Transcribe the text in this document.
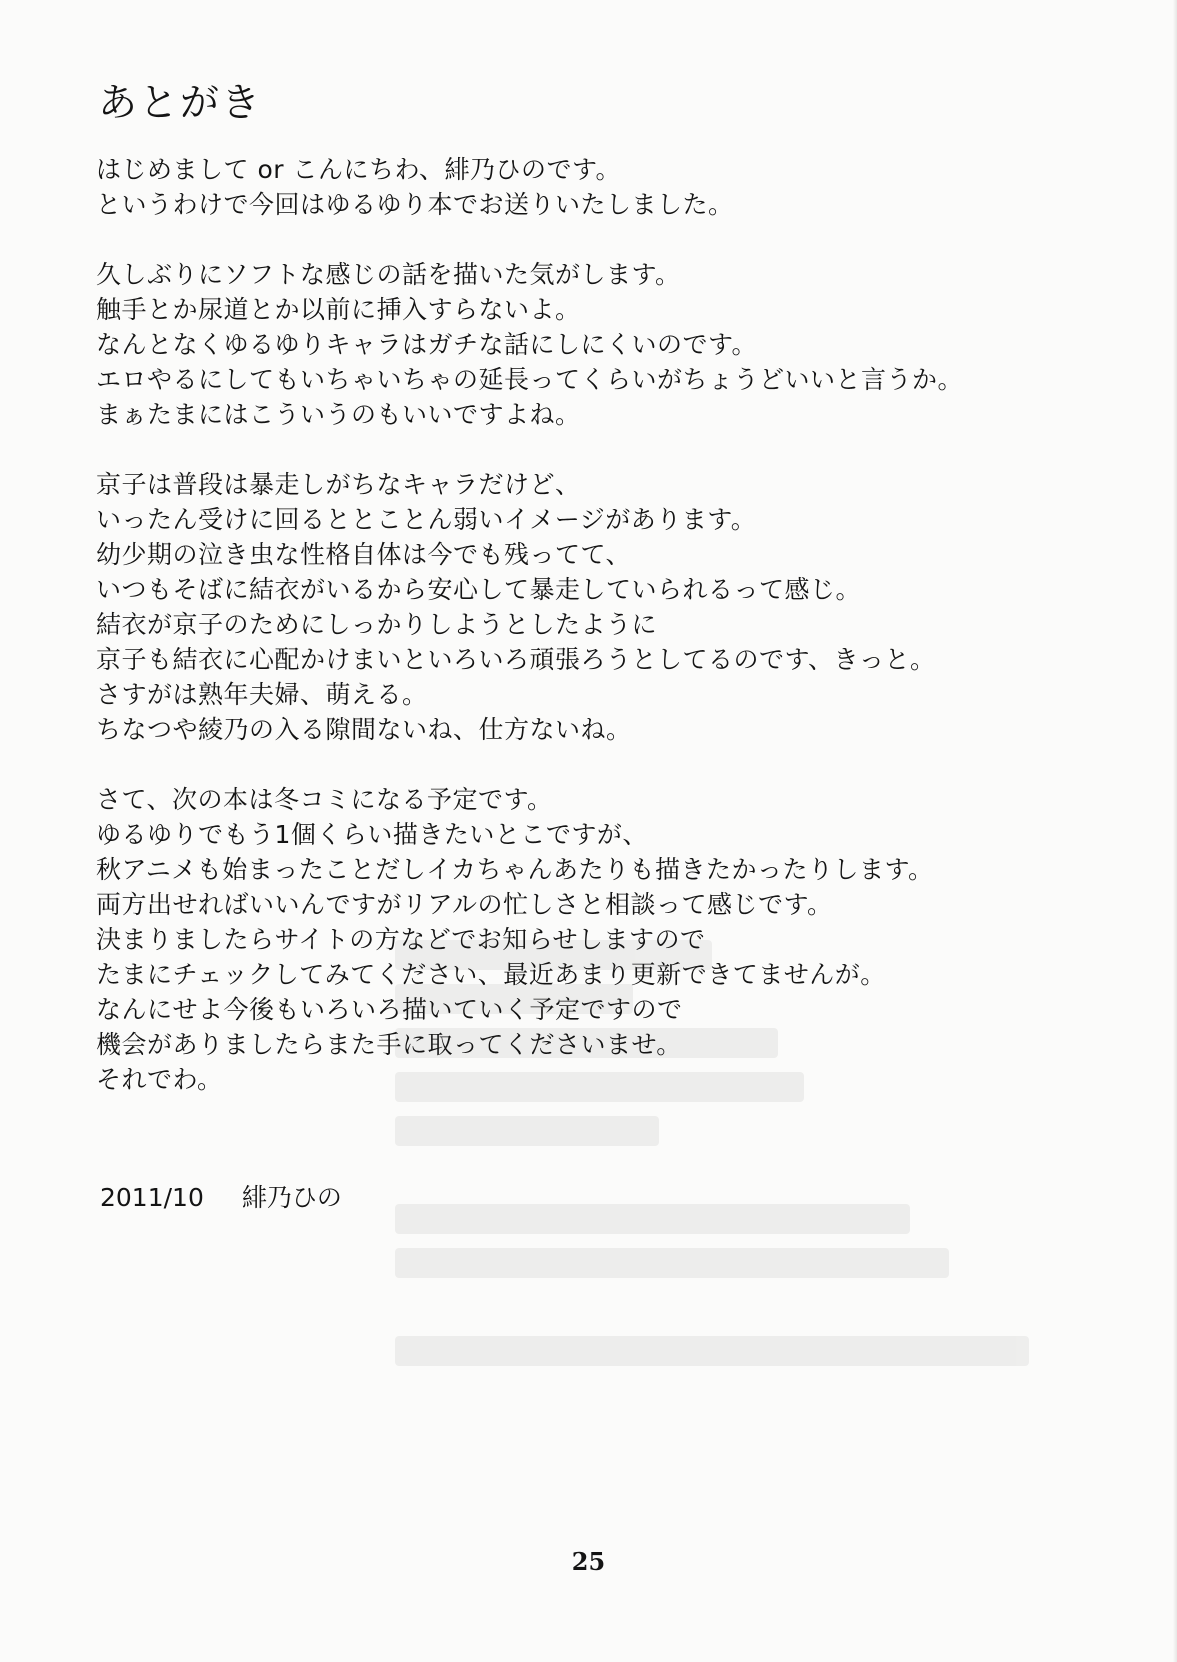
あとがき
はじめまして or こんにちわ、緋乃ひのです。
というわけで今回はゆるゆり本でお送りいたしました。
久しぶりにソフトな感じの話を描いた気がします。
触手とか尿道とか以前に挿入すらないよ。
なんとなくゆるゆりキャラはガチな話にしにくいのです。
エロやるにしてもいちゃいちゃの延長ってくらいがちょうどいいと言うか。
まぁたまにはこういうのもいいですよね。
京子は普段は暴走しがちなキャラだけど、
いったん受けに回るととことん弱いイメージがあります。
幼少期の泣き虫な性格自体は今でも残ってて、
いつもそばに結衣がいるから安心して暴走していられるって感じ。
結衣が京子のためにしっかりしようとしたように
京子も結衣に心配かけまいといろいろ頑張ろうとしてるのです、きっと。
さすがは熟年夫婦、萌える。
ちなつや綾乃の入る隙間ないね、仕方ないね。
さて、次の本は冬コミになる予定です。
ゆるゆりでもう1個くらい描きたいとこですが、
秋アニメも始まったことだしイカちゃんあたりも描きたかったりします。
両方出せればいいんですがリアルの忙しさと相談って感じです。
決まりましたらサイトの方などでお知らせしますので
たまにチェックしてみてください、最近あまり更新できてませんが。
なんにせよ今後もいろいろ描いていく予定ですので
機会がありましたらまた手に取ってくださいませ。
それでわ。
2011/10 緋乃ひの
25
